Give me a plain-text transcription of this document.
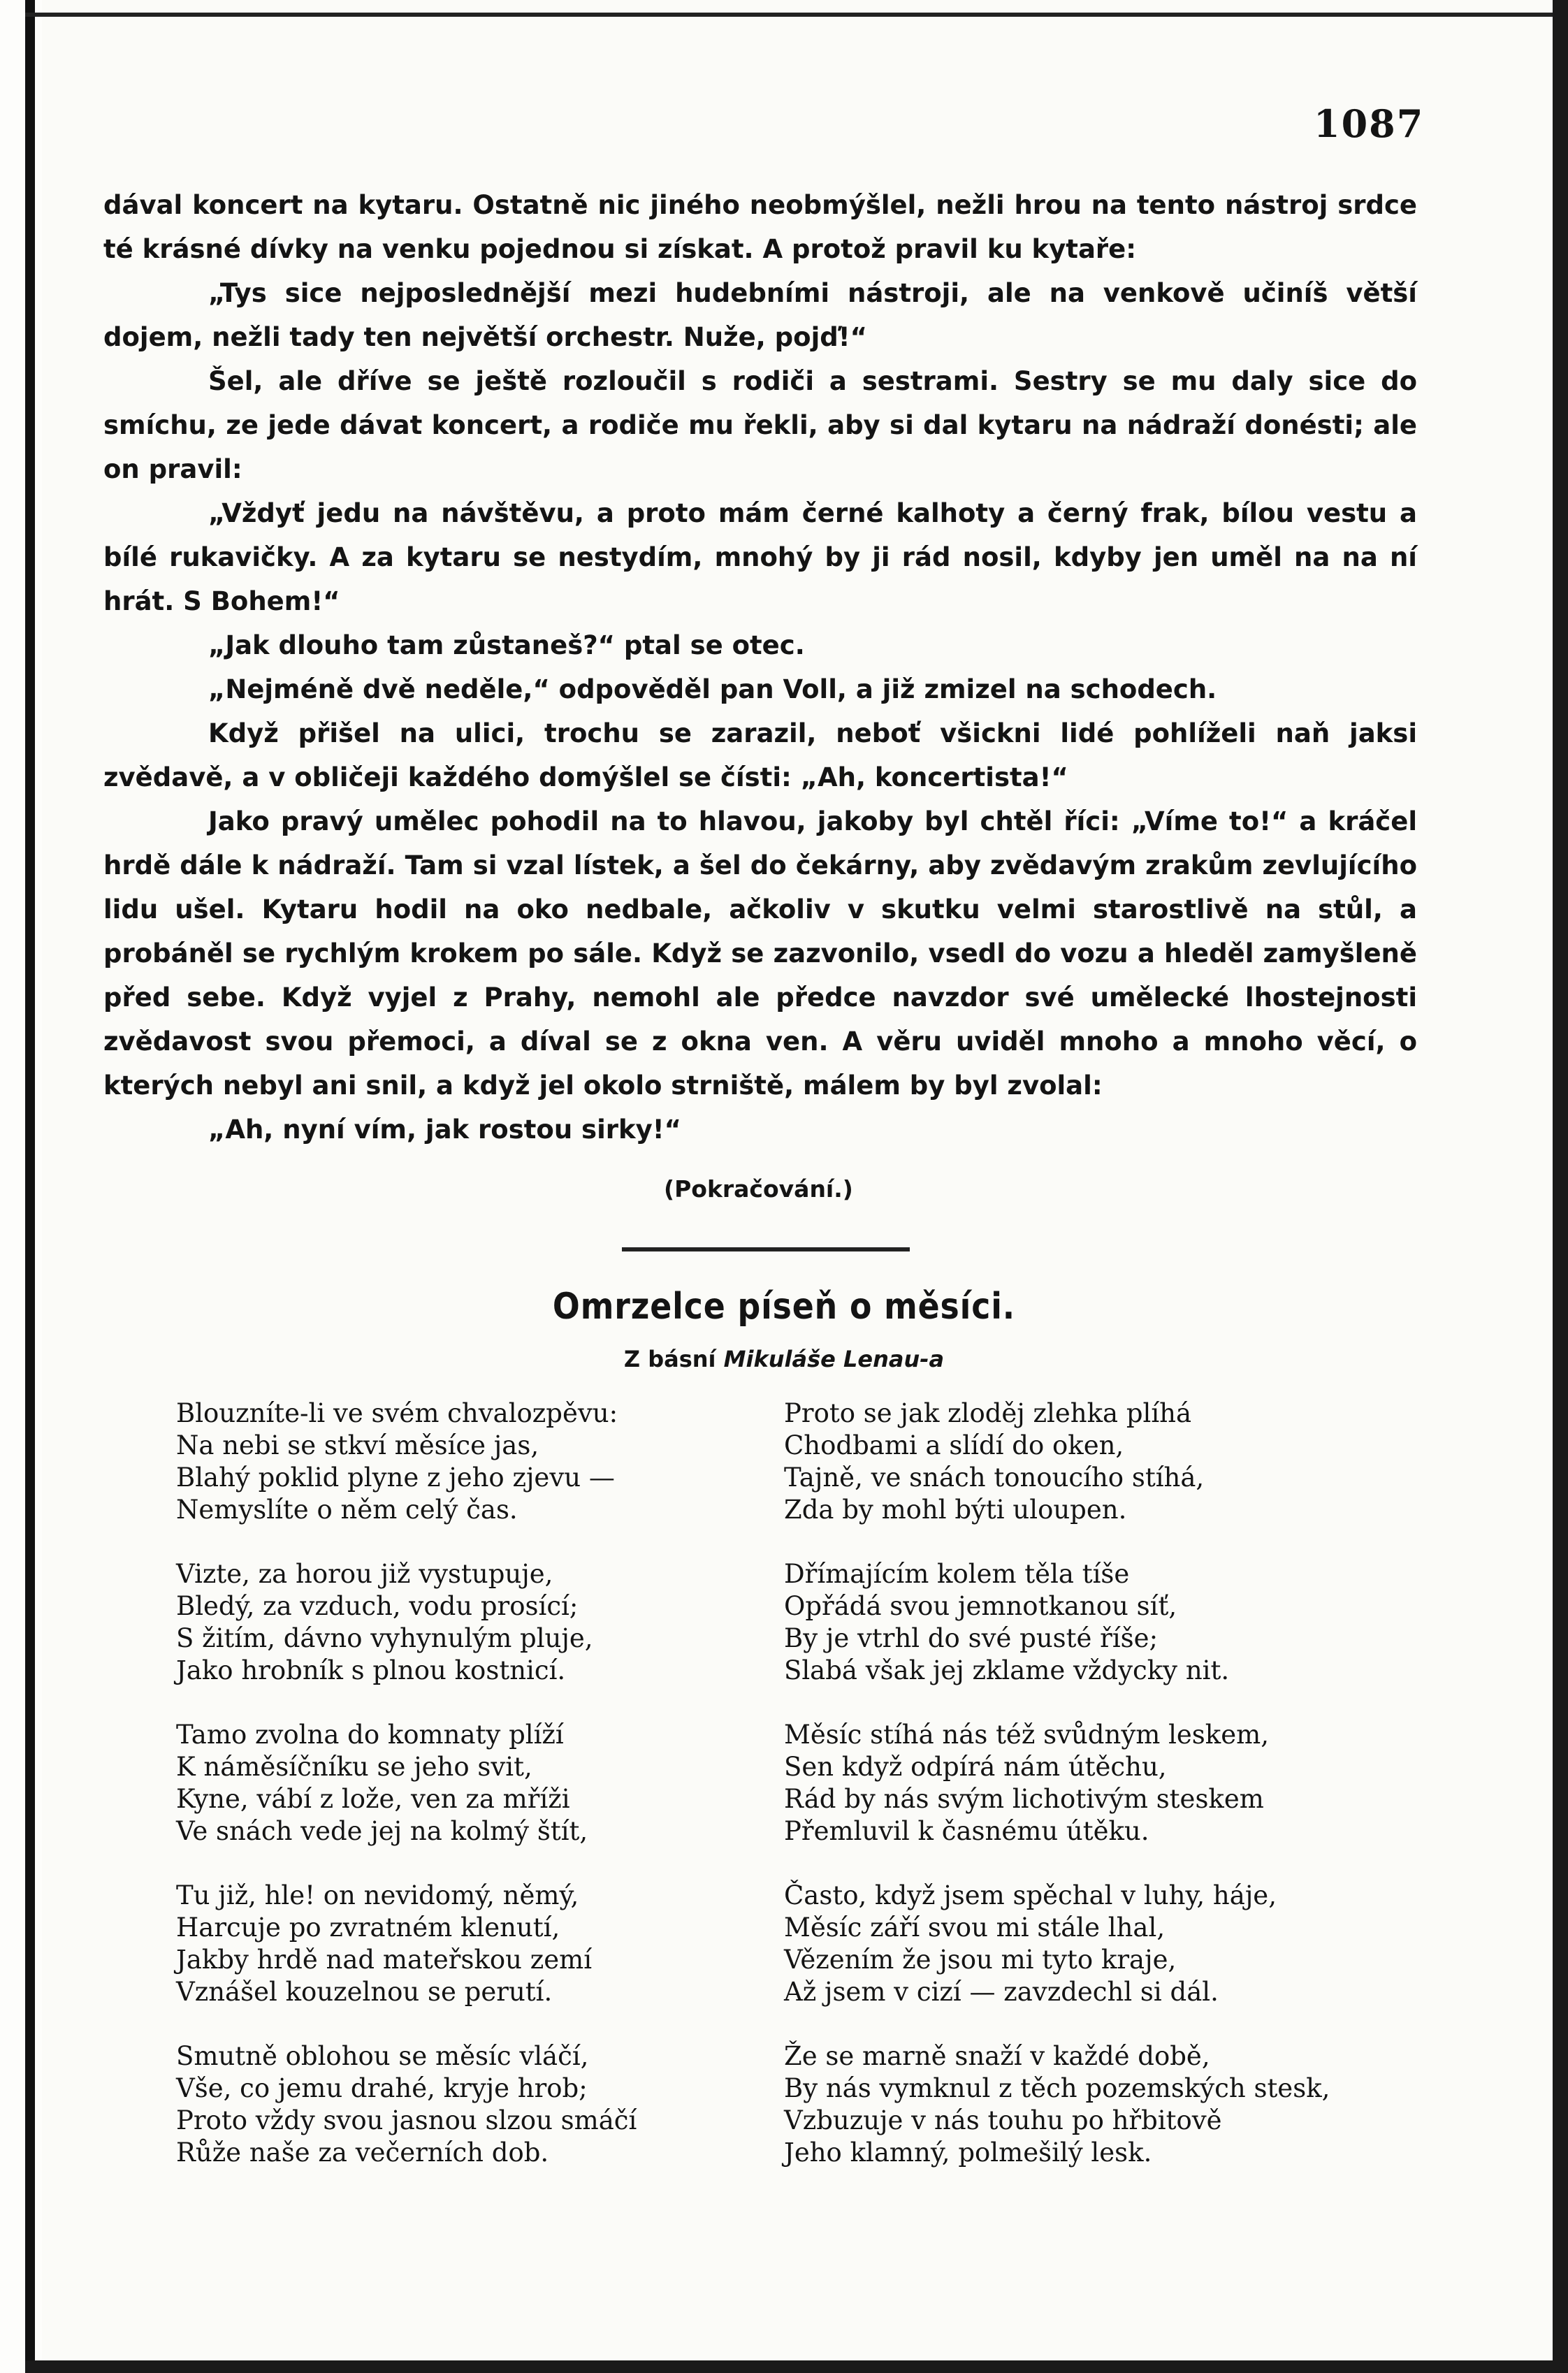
1087

dával koncert na kytaru. Ostatně nic jiného neobmýšlel, nežli hrou na tento nástroj srdce té krásné dívky na venku pojednou si získat. A protož pravil ku kytaře:

„Tys sice nejposlednější mezi hudebními nástroji, ale na venkově učiníš větší dojem, nežli tady ten největší orchestr. Nuže, pojď!“

Šel, ale dříve se ještě rozloučil s rodiči a sestrami. Sestry se mu daly sice do smíchu, ze jede dávat koncert, a rodiče mu řekli, aby si dal kytaru na nádraží donésti; ale on pravil:

„Vždyť jedu na návštěvu, a proto mám černé kalhoty a černý frak, bílou vestu a bílé rukavičky. A za kytaru se nestydím, mnohý by ji rád nosil, kdyby jen uměl na na ní hrát. S Bohem!“

„Jak dlouho tam zůstaneš?“ ptal se otec.

„Nejméně dvě neděle,“ odpověděl pan Voll, a již zmizel na schodech.

Když přišel na ulici, trochu se zarazil, neboť všickni lidé pohlíželi naň jaksi zvědavě, a v obličeji každého domýšlel se čísti: „Ah, koncertista!“

Jako pravý umělec pohodil na to hlavou, jakoby byl chtěl říci: „Víme to!“ a kráčel hrdě dále k nádraží. Tam si vzal lístek, a šel do čekárny, aby zvědavým zrakům zevlujícího lidu ušel. Kytaru hodil na oko nedbale, ačkoliv v skutku velmi starostlivě na stůl, a probáněl se rychlým krokem po sále. Když se zazvonilo, vsedl do vozu a hleděl zamyšleně před sebe. Když vyjel z Prahy, nemohl ale předce navzdor své umělecké lhostejnosti zvědavost svou přemoci, a díval se z okna ven. A věru uviděl mnoho a mnoho věcí, o kterých nebyl ani snil, a když jel okolo strniště, málem by byl zvolal:

„Ah, nyní vím, jak rostou sirky!“

(Pokračování.)
Omrzelce píseň o měsíci.
Z básní Mikuláše Lenau-a
Blouzníte-li ve svém chvalozpěvu:
Na nebi se stkví měsíce jas,
Blahý poklid plyne z jeho zjevu —
Nemyslíte o něm celý čas.
Vizte, za horou již vystupuje,
Bledý, za vzduch, vodu prosící;
S žitím, dávno vyhynulým pluje,
Jako hrobník s plnou kostnicí.
Tamo zvolna do komnaty plíží
K náměsíčníku se jeho svit,
Kyne, vábí z lože, ven za mříži
Ve snách vede jej na kolmý štít,
Tu již, hle! on nevidomý, němý,
Harcuje po zvratném klenutí,
Jakby hrdě nad mateřskou zemí
Vznášel kouzelnou se perutí.
Smutně oblohou se měsíc vláčí,
Vše, co jemu drahé, kryje hrob;
Proto vždy svou jasnou slzou smáčí
Růže naše za večerních dob.
Proto se jak zloděj zlehka plíhá
Chodbami a slídí do oken,
Tajně, ve snách tonoucího stíhá,
Zda by mohl býti uloupen.
Dřímajícím kolem těla tíše
Opřádá svou jemnotkanou síť,
By je vtrhl do své pusté říše;
Slabá však jej zklame vždycky nit.
Měsíc stíhá nás též svůdným leskem,
Sen když odpírá nám útěchu,
Rád by nás svým lichotivým steskem
Přemluvil k časnému útěku.
Často, když jsem spěchal v luhy, háje,
Měsíc září svou mi stále lhal,
Vězením že jsou mi tyto kraje,
Až jsem v cizí — zavzdechl si dál.
Že se marně snaží v každé době,
By nás vymknul z těch pozemských stesk,
Vzbuzuje v nás touhu po hřbitově
Jeho klamný, polmešilý lesk.
